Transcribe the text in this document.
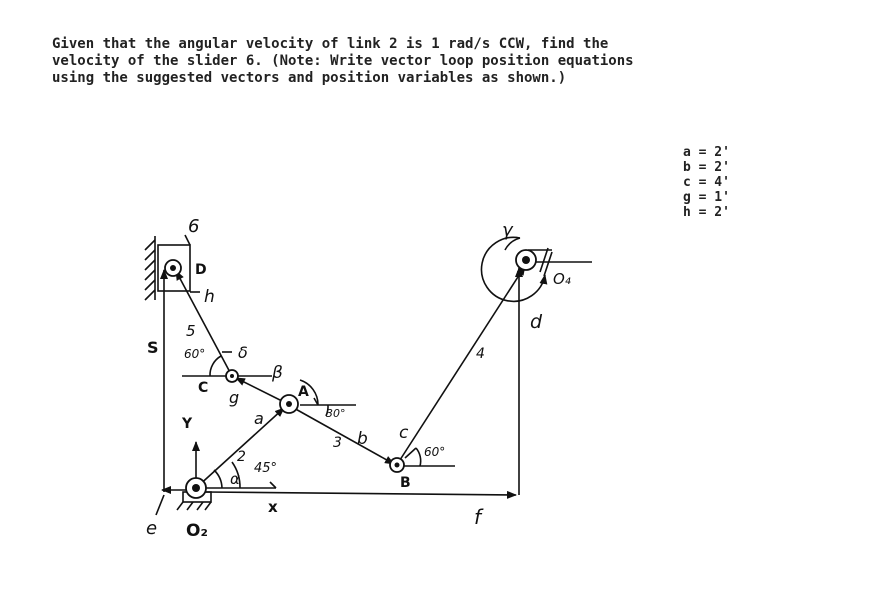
Given that the angular velocity of link 2 is 1 rad/s CCW, find the
velocity of the slider 6. (Note: Write vector loop position equations
using the suggested vectors and position variables as shown.)
a = 2'
b = 2'
c = 4'
g = 1'
h = 2'
6
D
h
S
5
60° δ
β
C g	A
30°
a
3 b
Y
2
45°
α
x
O₂
e	f
B
c
60°
4
d
γ
O₄
